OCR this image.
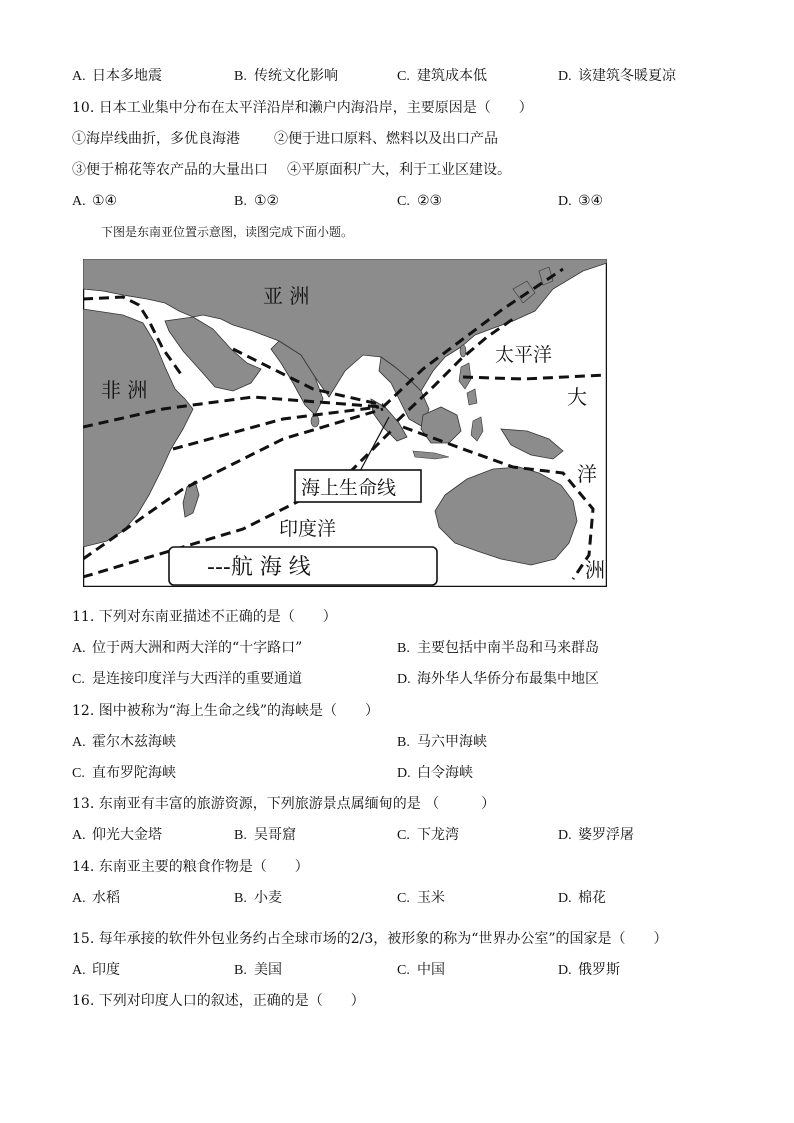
A. 日本多地震	B. 传统文化影响	C. 建筑成本低	D. 该建筑冬暖夏凉
10. 日本工业集中分布在太平洋沿岸和濑户内海沿岸，主要原因是（　　）
①海岸线曲折，多优良海港 ②便于进口原料、燃料以及出口产品
③便于棉花等农产品的大量出口 ④平原面积广大，利于工业区建设。
A. ①④	B. ①②	C. ②③	D. ③④
下图是东南亚位置示意图，读图完成下面小题。
亚 洲
非 洲
太平洋
大
洋
洲
印度洋
海上生命线
---航 海 线
11. 下列对东南亚描述不正确的是（　　）
A. 位于两大洲和两大洋的“十字路口”	B. 主要包括中南半岛和马来群岛
C. 是连接印度洋与大西洋的重要通道	D. 海外华人华侨分布最集中地区
12. 图中被称为“海上生命之线”的海峡是（　　）
A. 霍尔木兹海峡	B. 马六甲海峡
C. 直布罗陀海峡	D. 白令海峡
13. 东南亚有丰富的旅游资源，下列旅游景点属缅甸的是 （　　　）
A. 仰光大金塔	B. 吴哥窟	C. 下龙湾	D. 婆罗浮屠
14. 东南亚主要的粮食作物是（　　）
A. 水稻	B. 小麦	C. 玉米	D. 棉花
15. 每年承接的软件外包业务约占全球市场的2/3，被形象的称为“世界办公室”的国家是（　　）
A. 印度	B. 美国	C. 中国	D. 俄罗斯
16. 下列对印度人口的叙述，正确的是（　　）
